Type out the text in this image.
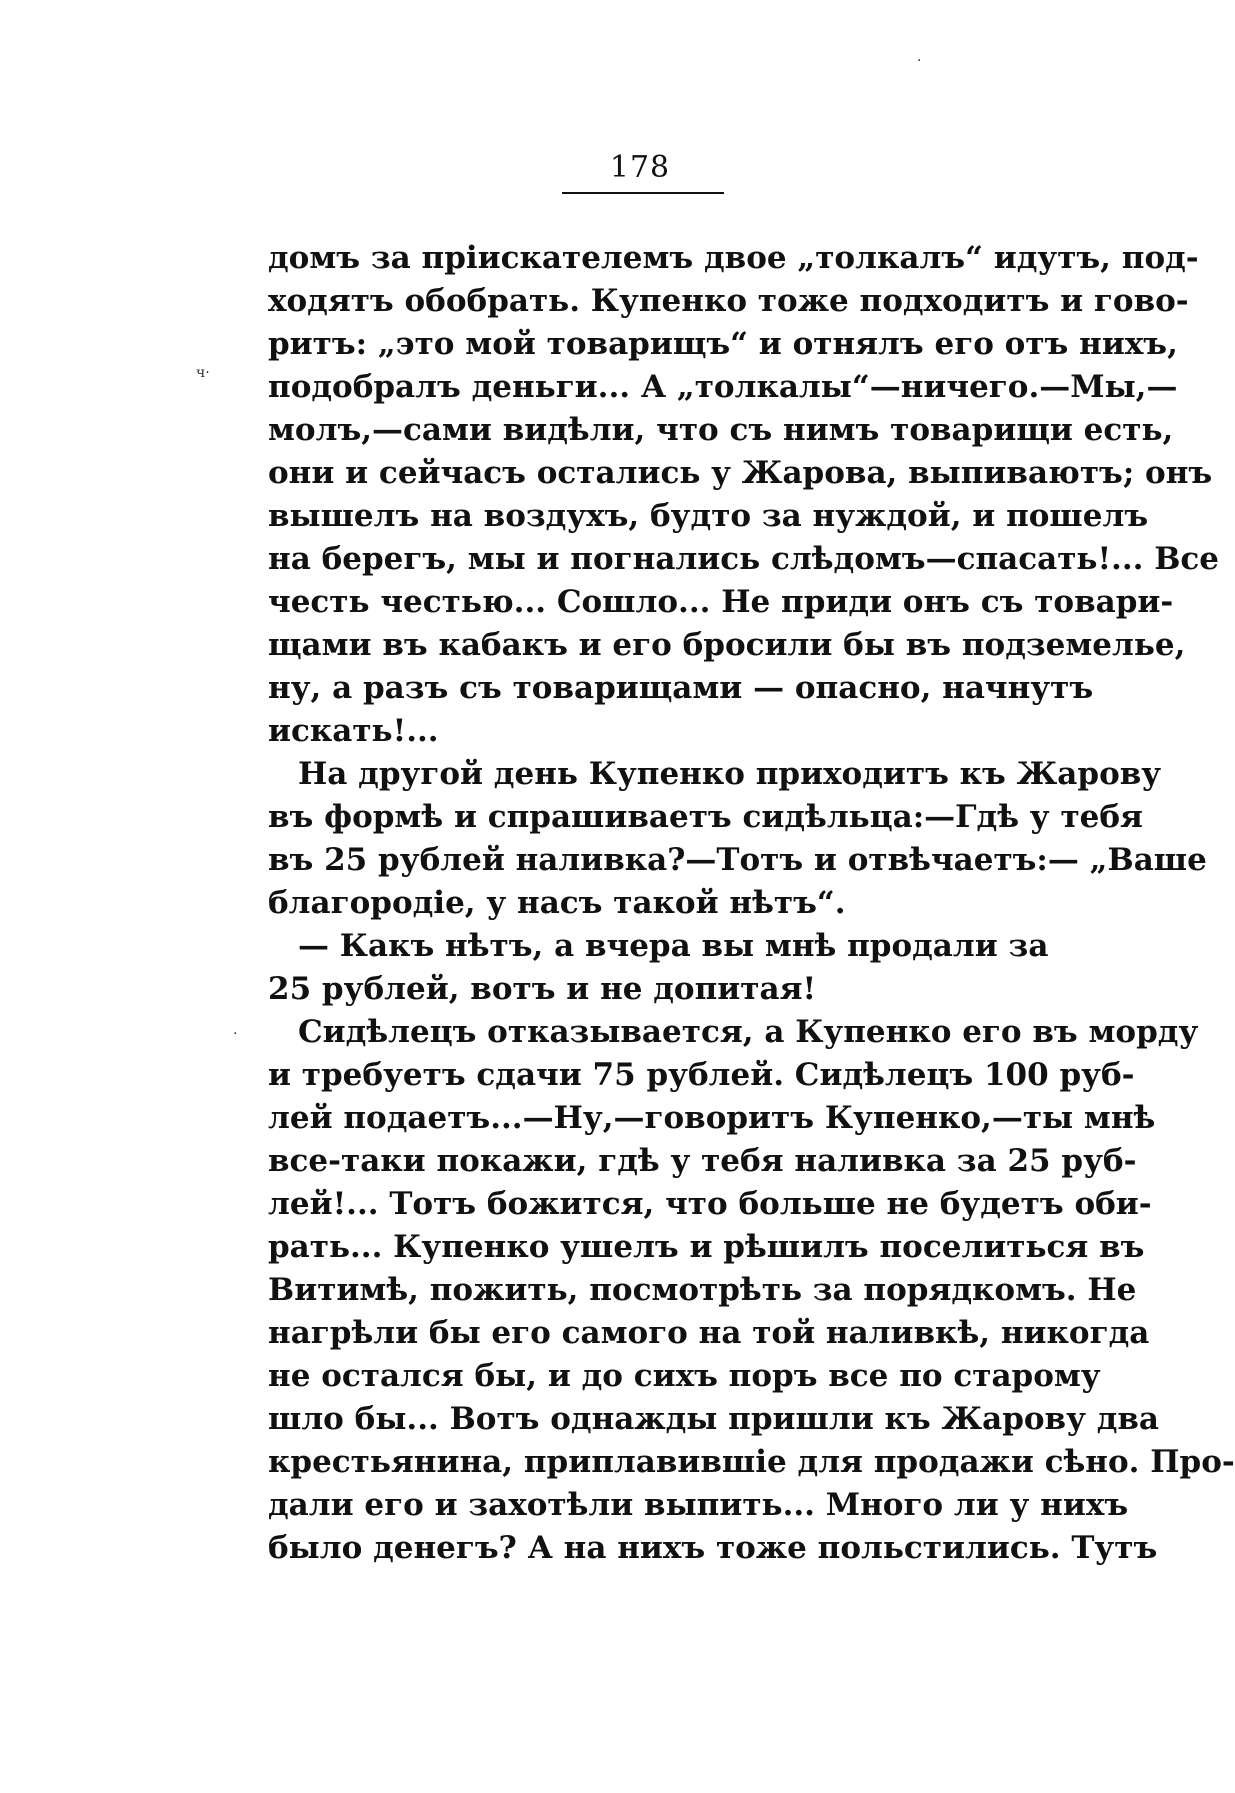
·
ч·
·
178
домъ за пріискателемъ двое „толкалъ“ идутъ, под-
ходятъ обобрать. Купенко тоже подходитъ и гово-
ритъ: „это мой товарищъ“ и отнялъ его отъ нихъ,
подобралъ деньги... А „толкалы“—ничего.—Мы,—
молъ,—сами видѣли, что съ нимъ товарищи есть,
они и сейчасъ остались у Жарова, выпиваютъ; онъ
вышелъ на воздухъ, будто за нуждой, и пошелъ
на берегъ, мы и погнались слѣдомъ—спасать!... Все
честь честью... Сошло... Не приди онъ съ товари-
щами въ кабакъ и его бросили бы въ подземелье,
ну, а разъ съ товарищами — опасно, начнутъ
искать!...
На другой день Купенко приходитъ къ Жарову
въ формѣ и спрашиваетъ сидѣльца:—Гдѣ у тебя
въ 25 рублей наливка?—Тотъ и отвѣчаетъ:— „Ваше
благородіе, у насъ такой нѣтъ“.
— Какъ нѣтъ, а вчера вы мнѣ продали за
25 рублей, вотъ и не допитая!
Сидѣлецъ отказывается, а Купенко его въ морду
и требуетъ сдачи 75 рублей. Сидѣлецъ 100 руб-
лей подаетъ...—Ну,—говоритъ Купенко,—ты мнѣ
все-таки покажи, гдѣ у тебя наливка за 25 руб-
лей!... Тотъ божится, что больше не будетъ оби-
рать... Купенко ушелъ и рѣшилъ поселиться въ
Витимѣ, пожить, посмотрѣть за порядкомъ. Не
нагрѣли бы его самого на той наливкѣ, никогда
не остался бы, и до сихъ поръ все по старому
шло бы... Вотъ однажды пришли къ Жарову два
крестьянина, приплавившіе для продажи сѣно. Про-
дали его и захотѣли выпить... Много ли у нихъ
было денегъ? А на нихъ тоже польстились. Тутъ
